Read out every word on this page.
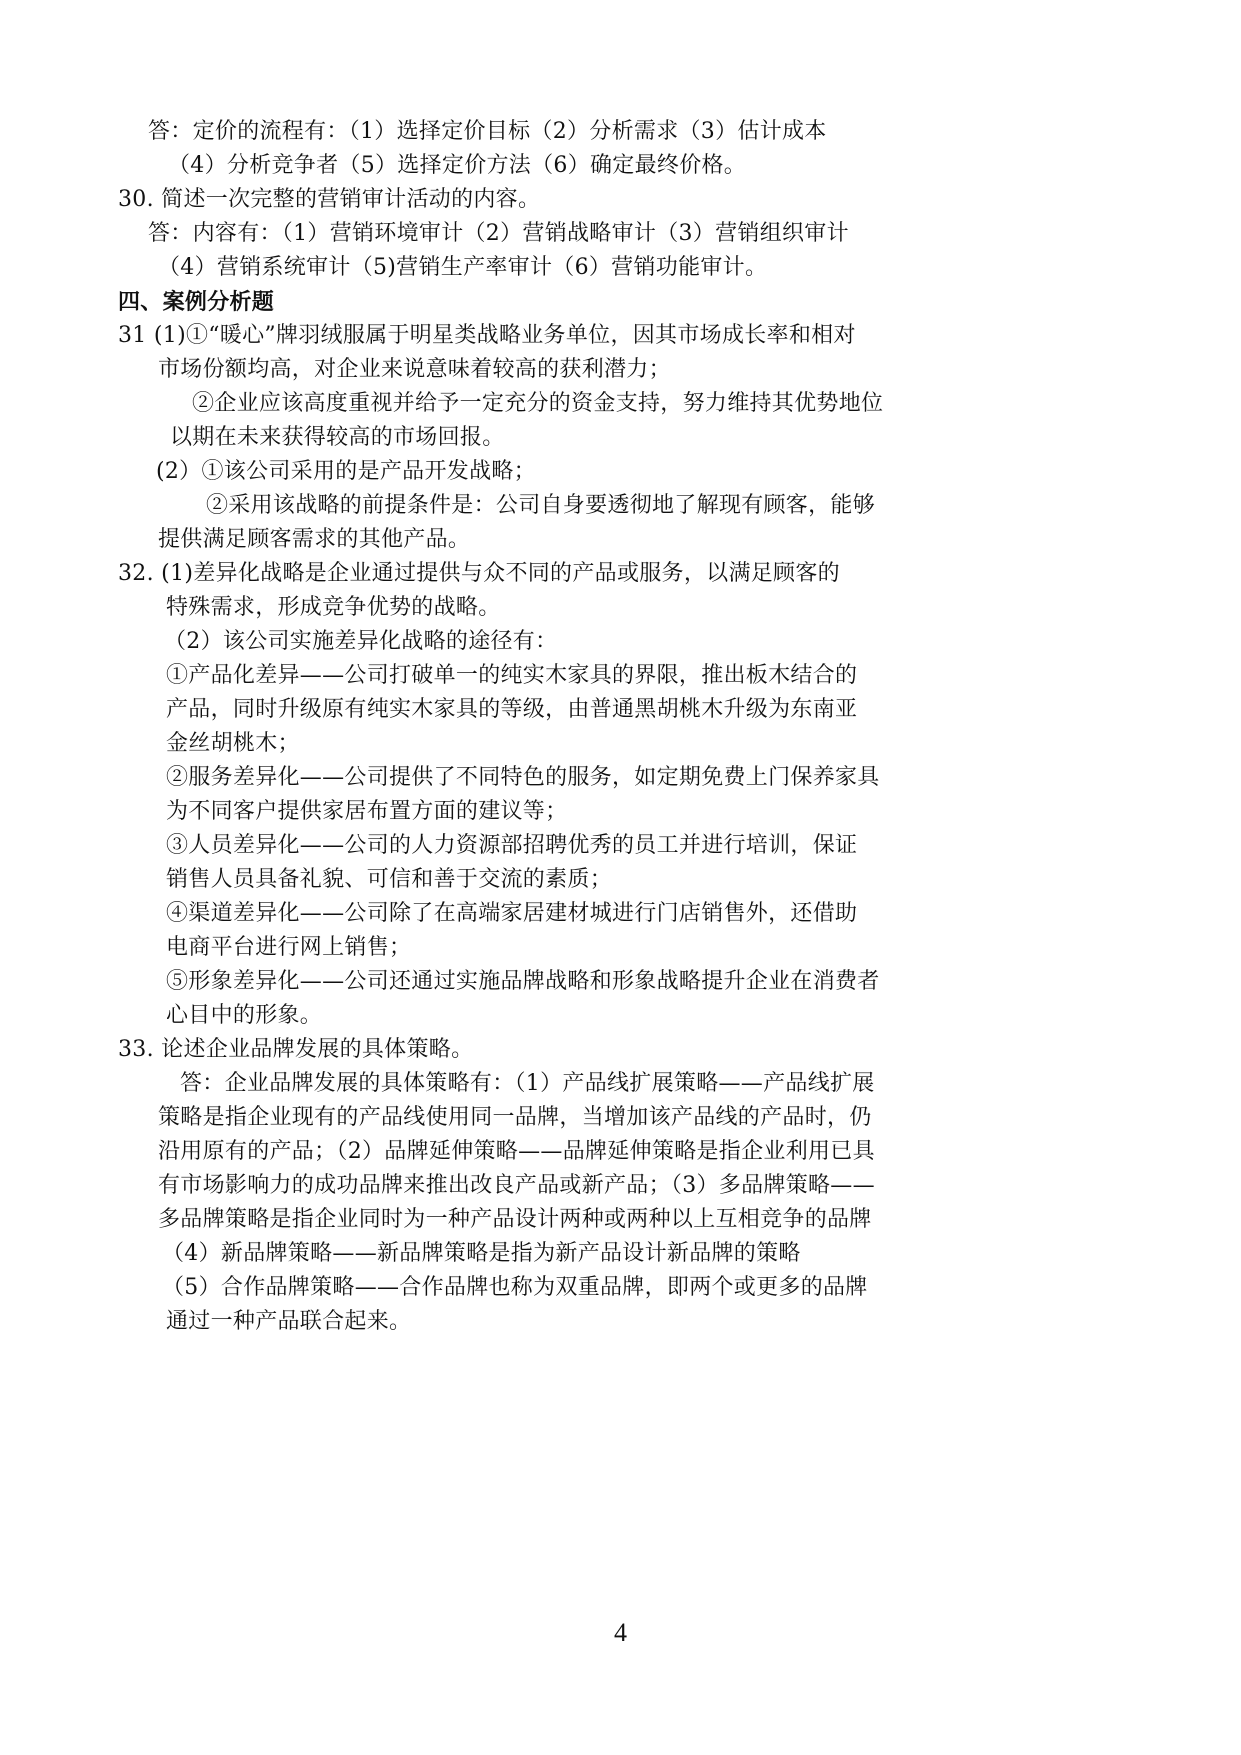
答：定价的流程有：（1）选择定价目标（2）分析需求（3）估计成本
（4）分析竞争者（5）选择定价方法（6）确定最终价格。
30. 简述一次完整的营销审计活动的内容。
答：内容有：（1）营销环境审计（2）营销战略审计（3）营销组织审计
（4）营销系统审计（5)营销生产率审计（6）营销功能审计。
四、案例分析题
31 (1)①“暖心”牌羽绒服属于明星类战略业务单位，因其市场成长率和相对
市场份额均高，对企业来说意味着较高的获利潜力；
②企业应该高度重视并给予一定充分的资金支持，努力维持其优势地位
以期在未来获得较高的市场回报。
(2）①该公司采用的是产品开发战略；
②采用该战略的前提条件是：公司自身要透彻地了解现有顾客，能够
提供满足顾客需求的其他产品。
32. (1)差异化战略是企业通过提供与众不同的产品或服务，以满足顾客的
特殊需求，形成竞争优势的战略。
（2）该公司实施差异化战略的途径有：
①产品化差异——公司打破单一的纯实木家具的界限，推出板木结合的
产品，同时升级原有纯实木家具的等级，由普通黑胡桃木升级为东南亚
金丝胡桃木；
②服务差异化——公司提供了不同特色的服务，如定期免费上门保养家具
为不同客户提供家居布置方面的建议等；
③人员差异化——公司的人力资源部招聘优秀的员工并进行培训，保证
销售人员具备礼貌、可信和善于交流的素质；
④渠道差异化——公司除了在高端家居建材城进行门店销售外，还借助
电商平台进行网上销售；
⑤形象差异化——公司还通过实施品牌战略和形象战略提升企业在消费者
心目中的形象。
33. 论述企业品牌发展的具体策略。
答：企业品牌发展的具体策略有：（1）产品线扩展策略——产品线扩展
策略是指企业现有的产品线使用同一品牌，当增加该产品线的产品时，仍
沿用原有的产品；（2）品牌延伸策略——品牌延伸策略是指企业利用已具
有市场影响力的成功品牌来推出改良产品或新产品；（3）多品牌策略——
多品牌策略是指企业同时为一种产品设计两种或两种以上互相竞争的品牌
（4）新品牌策略——新品牌策略是指为新产品设计新品牌的策略
（5）合作品牌策略——合作品牌也称为双重品牌，即两个或更多的品牌
通过一种产品联合起来。
4
